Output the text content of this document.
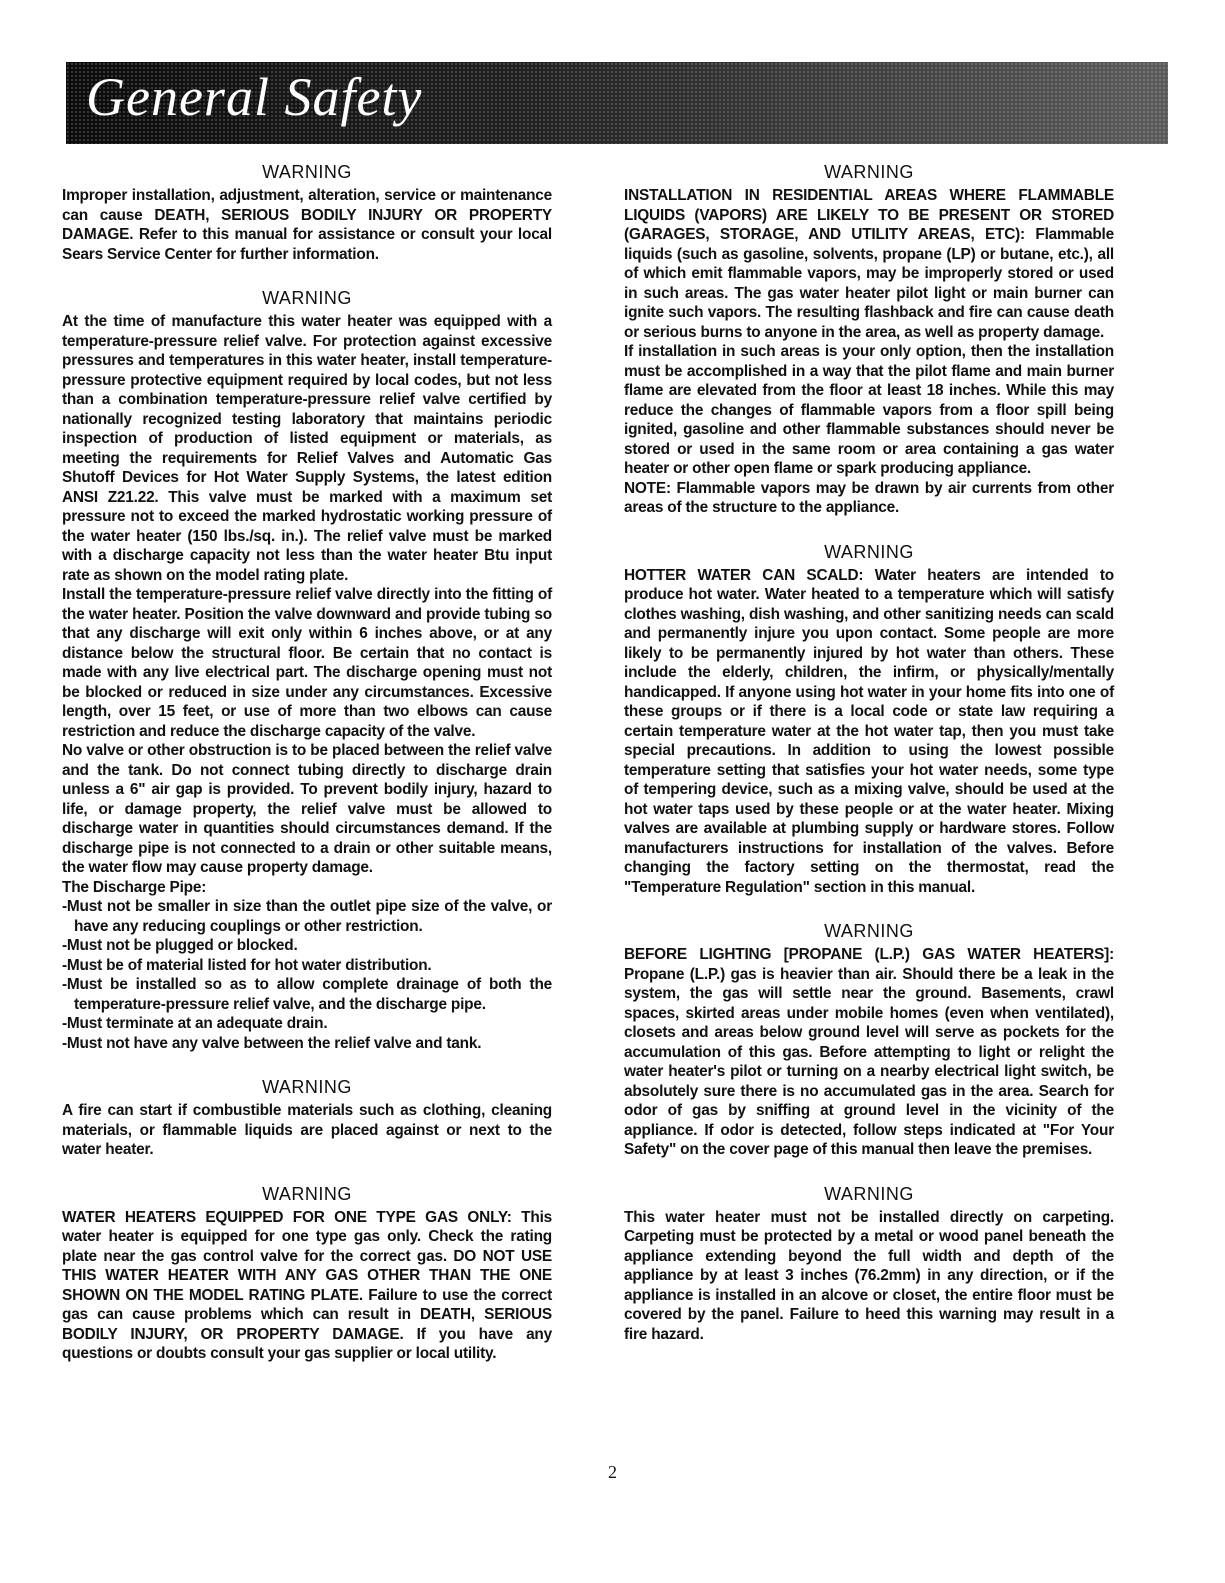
General Safety
WARNING

Improper installation, adjustment, alteration, service or maintenance can cause DEATH, SERIOUS BODILY INJURY OR PROPERTY DAMAGE. Refer to this manual for assistance or consult your local Sears Service Center for further information.

WARNING

At the time of manufacture this water heater was equipped with a temperature-pressure relief valve. For protection against excessive pressures and temperatures in this water heater, install temperature-pressure protective equipment required by local codes, but not less than a combination temperature-pressure relief valve certified by nationally recognized testing laboratory that maintains periodic inspection of production of listed equipment or materials, as meeting the requirements for Relief Valves and Automatic Gas Shutoff Devices for Hot Water Supply Systems, the latest edition ANSI Z21.22. This valve must be marked with a maximum set pressure not to exceed the marked hydrostatic working pressure of the water heater (150 lbs./sq. in.). The relief valve must be marked with a discharge capacity not less than the water heater Btu input rate as shown on the model rating plate.

Install the temperature-pressure relief valve directly into the fitting of the water heater. Position the valve downward and provide tubing so that any discharge will exit only within 6 inches above, or at any distance below the structural floor. Be certain that no contact is made with any live electrical part. The discharge opening must not be blocked or reduced in size under any circumstances. Excessive length, over 15 feet, or use of more than two elbows can cause restriction and reduce the discharge capacity of the valve.

No valve or other obstruction is to be placed between the relief valve and the tank. Do not connect tubing directly to discharge drain unless a 6" air gap is provided. To prevent bodily injury, hazard to life, or damage property, the relief valve must be allowed to discharge water in quantities should circumstances demand. If the discharge pipe is not connected to a drain or other suitable means, the water flow may cause property damage.

The Discharge Pipe:

-Must not be smaller in size than the outlet pipe size of the valve, or have any reducing couplings or other restriction.

-Must not be plugged or blocked.

-Must be of material listed for hot water distribution.

-Must be installed so as to allow complete drainage of both the temperature-pressure relief valve, and the discharge pipe.

-Must terminate at an adequate drain.

-Must not have any valve between the relief valve and tank.

WARNING

A fire can start if combustible materials such as clothing, cleaning materials, or flammable liquids are placed against or next to the water heater.

WARNING

WATER HEATERS EQUIPPED FOR ONE TYPE GAS ONLY: This water heater is equipped for one type gas only. Check the rating plate near the gas control valve for the correct gas. DO NOT USE THIS WATER HEATER WITH ANY GAS OTHER THAN THE ONE SHOWN ON THE MODEL RATING PLATE. Failure to use the correct gas can cause problems which can result in DEATH, SERIOUS BODILY INJURY, OR PROPERTY DAMAGE. If you have any questions or doubts consult your gas supplier or local utility.

WARNING

INSTALLATION IN RESIDENTIAL AREAS WHERE FLAMMABLE LIQUIDS (VAPORS) ARE LIKELY TO BE PRESENT OR STORED (GARAGES, STORAGE, AND UTILITY AREAS, ETC): Flammable liquids (such as gasoline, solvents, propane (LP) or butane, etc.), all of which emit flammable vapors, may be improperly stored or used in such areas. The gas water heater pilot light or main burner can ignite such vapors. The resulting flashback and fire can cause death or serious burns to anyone in the area, as well as property damage.

If installation in such areas is your only option, then the installation must be accomplished in a way that the pilot flame and main burner flame are elevated from the floor at least 18 inches. While this may reduce the changes of flammable vapors from a floor spill being ignited, gasoline and other flammable substances should never be stored or used in the same room or area containing a gas water heater or other open flame or spark producing appliance.

NOTE: Flammable vapors may be drawn by air currents from other areas of the structure to the appliance.

WARNING

HOTTER WATER CAN SCALD: Water heaters are intended to produce hot water. Water heated to a temperature which will satisfy clothes washing, dish washing, and other sanitizing needs can scald and permanently injure you upon contact. Some people are more likely to be permanently injured by hot water than others. These include the elderly, children, the infirm, or physically/mentally handicapped. If anyone using hot water in your home fits into one of these groups or if there is a local code or state law requiring a certain temperature water at the hot water tap, then you must take special precautions. In addition to using the lowest possible temperature setting that satisfies your hot water needs, some type of tempering device, such as a mixing valve, should be used at the hot water taps used by these people or at the water heater. Mixing valves are available at plumbing supply or hardware stores. Follow manufacturers instructions for installation of the valves. Before changing the factory setting on the thermostat, read the "Temperature Regulation" section in this manual.

WARNING

BEFORE LIGHTING [PROPANE (L.P.) GAS WATER HEATERS]: Propane (L.P.) gas is heavier than air. Should there be a leak in the system, the gas will settle near the ground. Basements, crawl spaces, skirted areas under mobile homes (even when ventilated), closets and areas below ground level will serve as pockets for the accumulation of this gas. Before attempting to light or relight the water heater's pilot or turning on a nearby electrical light switch, be absolutely sure there is no accumulated gas in the area. Search for odor of gas by sniffing at ground level in the vicinity of the appliance. If odor is detected, follow steps indicated at "For Your Safety" on the cover page of this manual then leave the premises.

WARNING

This water heater must not be installed directly on carpeting. Carpeting must be protected by a metal or wood panel beneath the appliance extending beyond the full width and depth of the appliance by at least 3 inches (76.2mm) in any direction, or if the appliance is installed in an alcove or closet, the entire floor must be covered by the panel. Failure to heed this warning may result in a fire hazard.

2
